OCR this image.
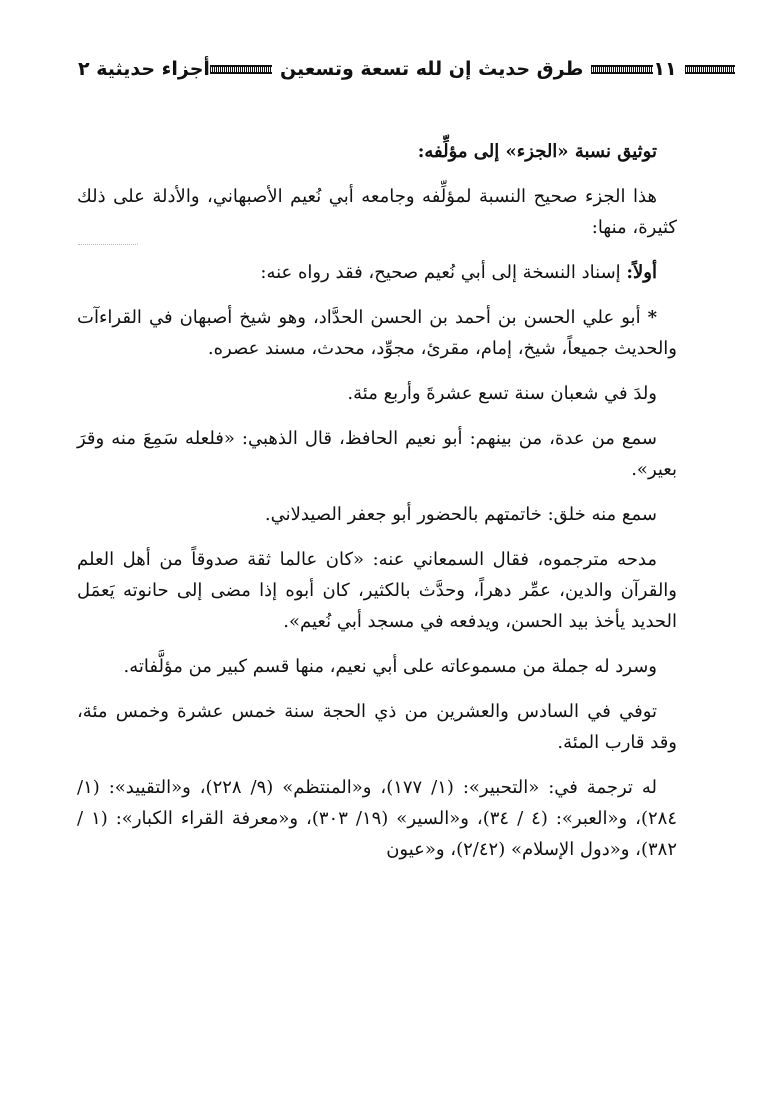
أجزاء حديثية ٢	طرق حديث إن لله تسعة وتسعين	١١

توثيق نسبة «الجزء» إلى مؤلِّفه:

هذا الجزء صحيح النسبة لمؤلِّفه وجامعه أبي نُعيم الأصبهاني، والأدلة على ذلك كثيرة، منها:

أولاً: إسناد النسخة إلى أبي نُعيم صحيح، فقد رواه عنه:

* أبو علي الحسن بن أحمد بن الحسن الحدَّاد، وهو شيخ أصبهان في القراءآت والحديث جميعاً، شيخ، إمام، مقرئ، مجوِّد، محدث، مسند عصره.

ولدَ في شعبان سنة تسع عشرةَ وأربع مئة.

سمع من عدة، من بينهم: أبو نعيم الحافظ، قال الذهبي: «فلعله سَمِعَ منه وقرَ بعير».

سمع منه خلق: خاتمتهم بالحضور أبو جعفر الصيدلاني.

مدحه مترجموه، فقال السمعاني عنه: «كان عالما ثقة صدوقاً من أهل العلم والقرآن والدين، عمِّر دهراً، وحدَّث بالكثير، كان أبوه إذا مضى إلى حانوته يَعمَل الحديد يأخذ بيد الحسن، ويدفعه في مسجد أبي نُعيم».

وسرد له جملة من مسموعاته على أبي نعيم، منها قسم كبير من مؤلَّفاته.

توفي في السادس والعشرين من ذي الحجة سنة خمس عشرة وخمس مئة، وقد قارب المئة.

له ترجمة في: «التحبير»: (١/ ١٧٧)، و«المنتظم» (٩/ ٢٢٨)، و«التقييد»: (١/ ٢٨٤)، و«العبر»: (٤ / ٣٤)، و«السير» (١٩/ ٣٠٣)، و«معرفة القراء الكبار»: (١ /٣٨٢)، و«دول الإسلام» (٢/٤٢)، و«عيون
